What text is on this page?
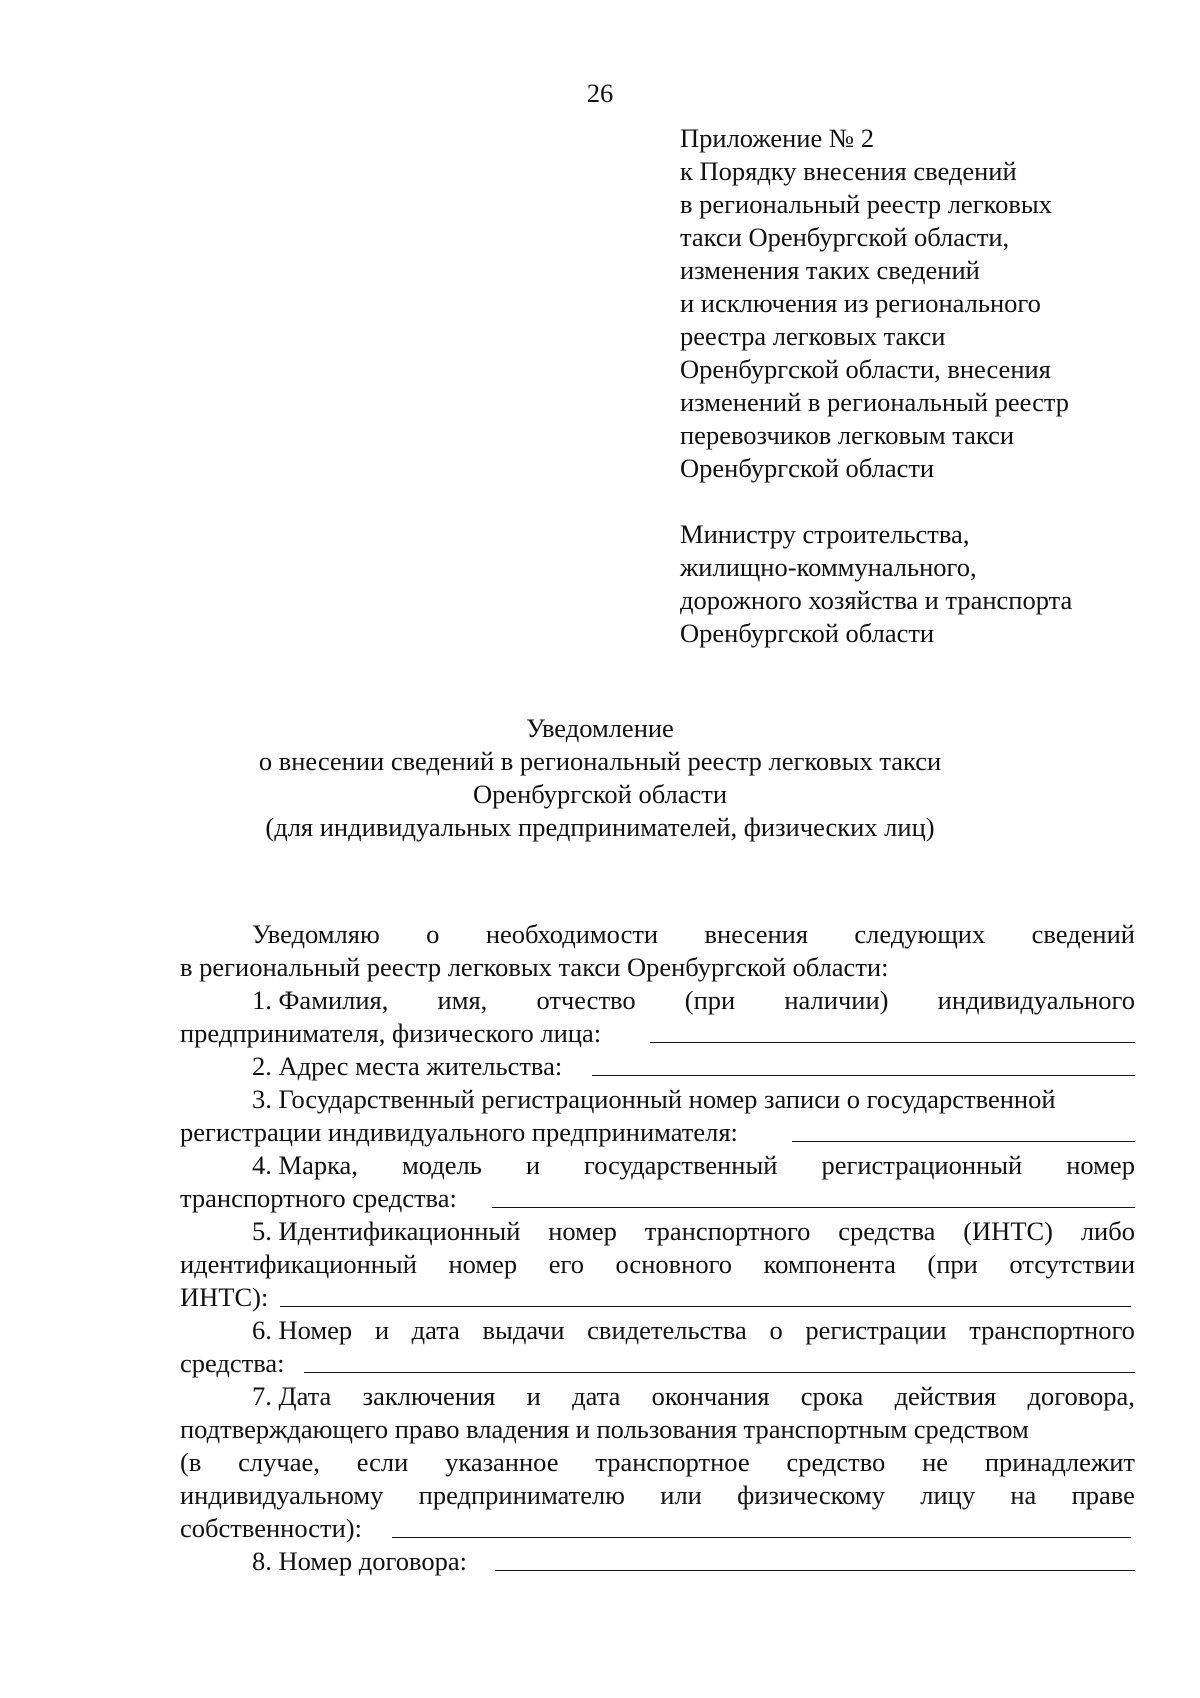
26
Приложение № 2
к Порядку внесения сведений
в региональный реестр легковых
такси Оренбургской области,
изменения таких сведений
и исключения из регионального
реестра легковых такси
Оренбургской области, внесения
изменений в региональный реестр
перевозчиков легковым такси
Оренбургской области
Министру строительства,
жилищно-коммунального,
дорожного хозяйства и транспорта
Оренбургской области
Уведомление
о внесении сведений в региональный реестр легковых такси
Оренбургской области
(для индивидуальных предпринимателей, физических лиц)
Уведомляю о необходимости внесения следующих сведений
в региональный реестр легковых такси Оренбургской области:
1. Фамилия, имя, отчество (при наличии) индивидуального
предпринимателя, физического лица:
2. Адрес места жительства:
3. Государственный регистрационный номер записи о государственной
регистрации индивидуального предпринимателя:
4. Марка, модель и государственный регистрационный номер
транспортного средства:
5. Идентификационный номер транспортного средства (ИНТС) либо
идентификационный номер его основного компонента (при отсутствии
ИНТС):
6. Номер и дата выдачи свидетельства о регистрации транспортного
средства:
7. Дата заключения и дата окончания срока действия договора,
подтверждающего право владения и пользования транспортным средством
(в случае, если указанное транспортное средство не принадлежит
индивидуальному предпринимателю или физическому лицу на праве
собственности):
8. Номер договора:
